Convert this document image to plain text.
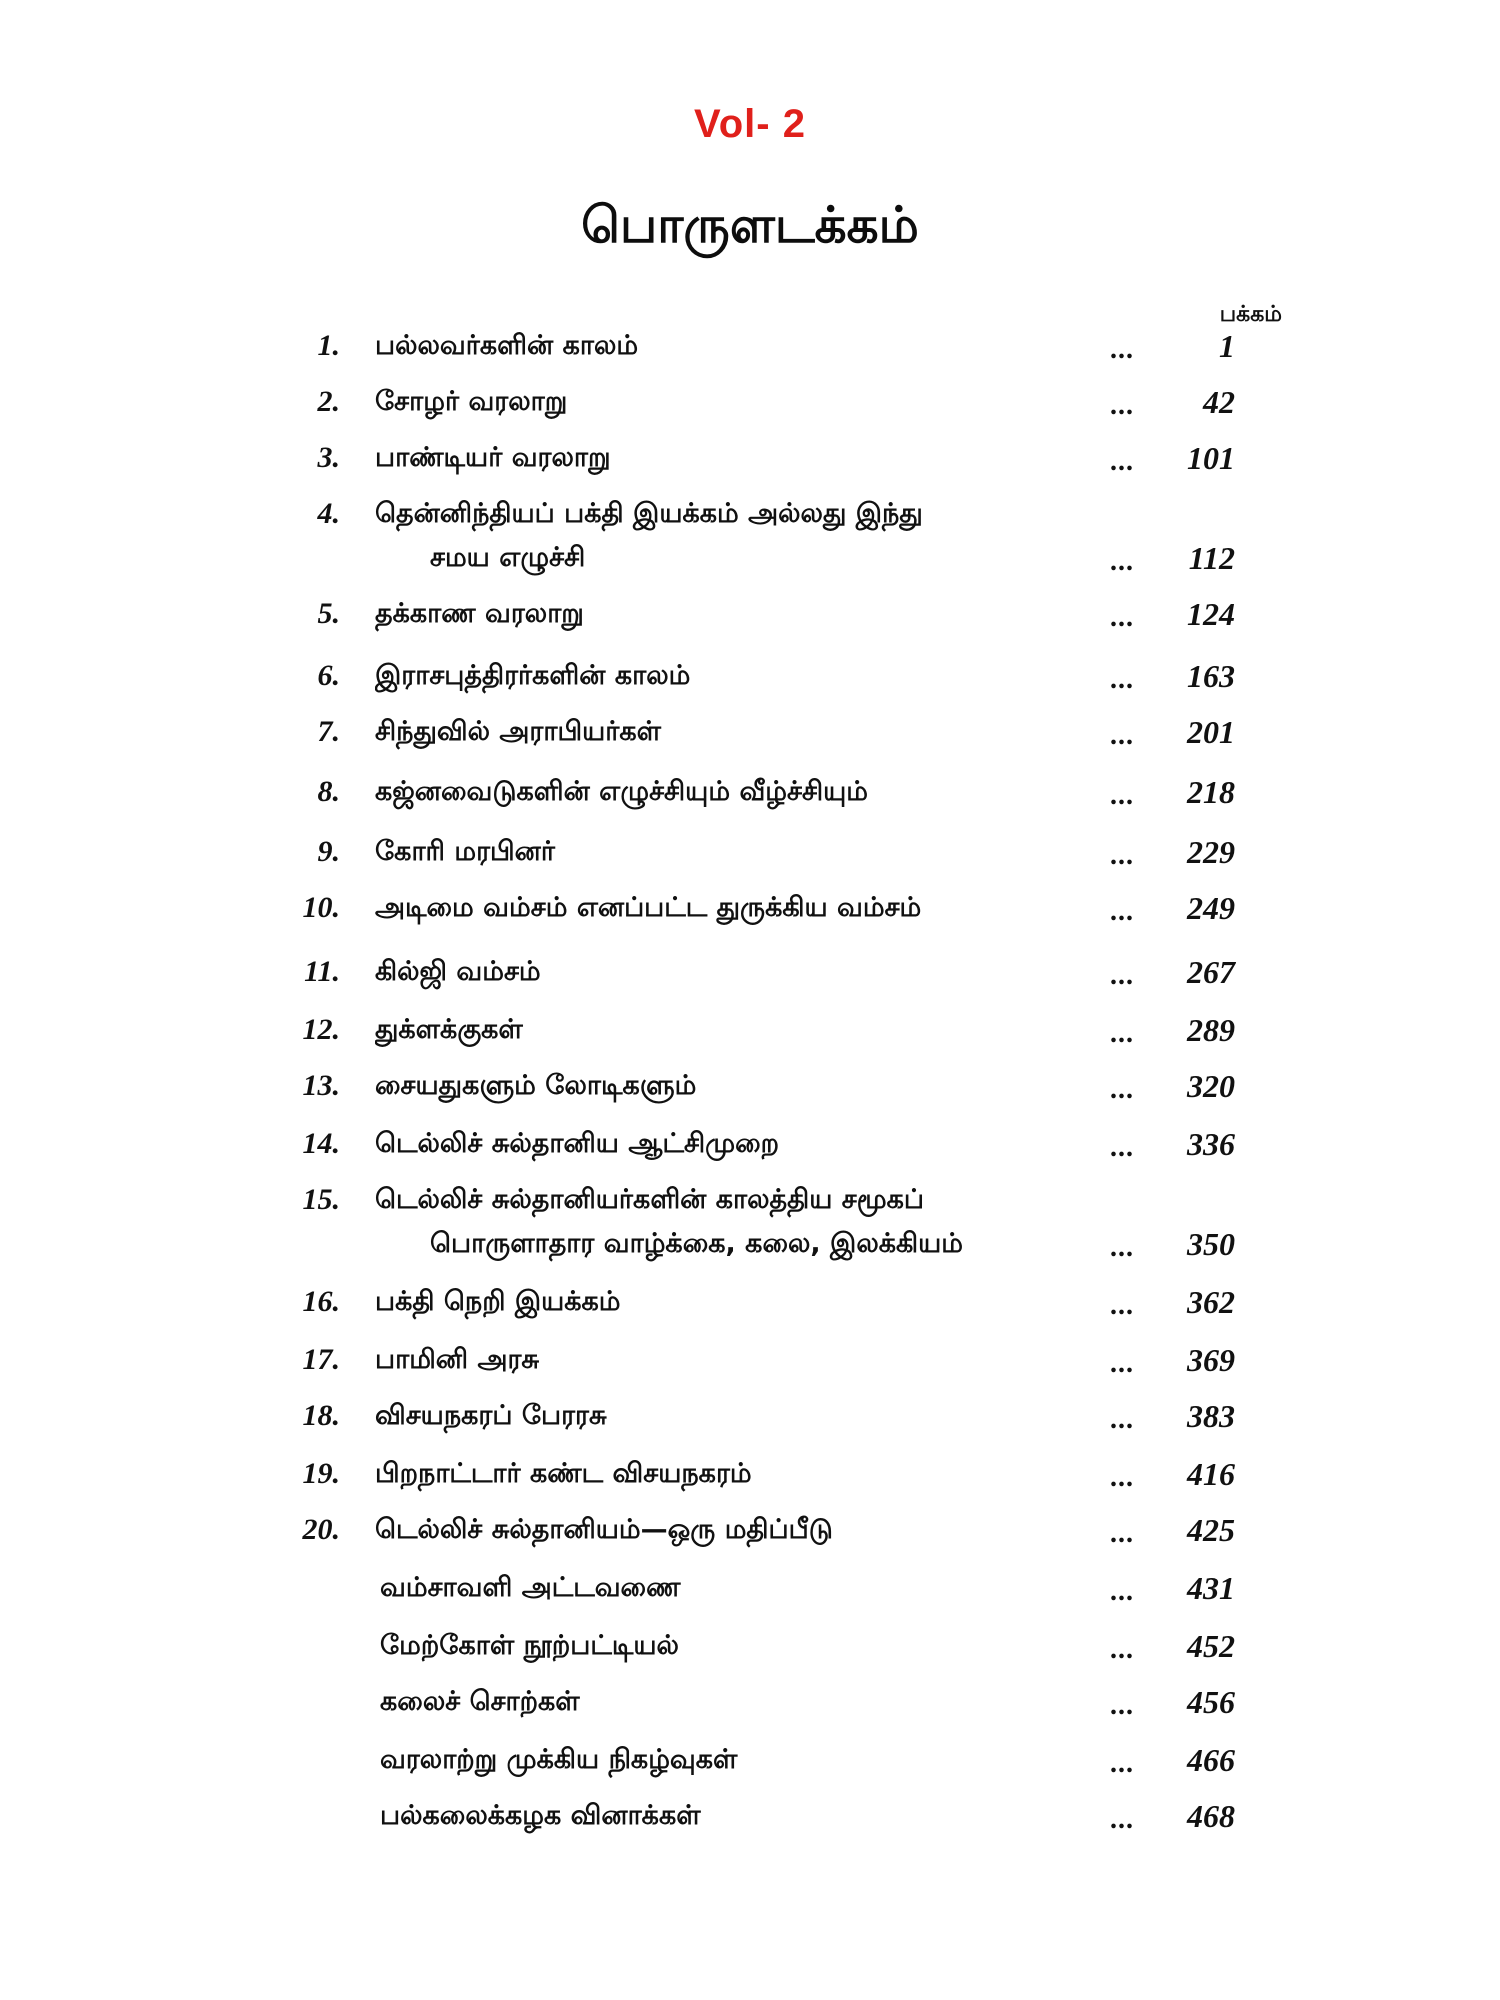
Vol- 2
பொருளடக்கம்
பக்கம்
1. பல்லவர்களின் காலம்	...	1
2. சோழர் வரலாறு	... 42
3. பாண்டியர் வரலாறு	... 101
4. தென்னிந்தியப் பக்தி இயக்கம் அல்லது இந்து
சமய எழுச்சி	... 112
5. தக்காண வரலாறு	... 124
6. இராசபுத்திரர்களின் காலம்	... 163
7. சிந்துவில் அராபியர்கள்	... 201
8. கஜ்னவைடுகளின் எழுச்சியும் வீழ்ச்சியும்	... 218
9. கோரி மரபினர்	... 229
10. அடிமை வம்சம் எனப்பட்ட துருக்கிய வம்சம்	... 249
11. கில்ஜி வம்சம்	... 267
12. துக்ளக்குகள்	... 289
13. சையதுகளும் லோடிகளும்	... 320
14. டெல்லிச் சுல்தானிய ஆட்சிமுறை	... 336
15. டெல்லிச் சுல்தானியர்களின் காலத்திய சமூகப்
பொருளாதார வாழ்க்கை, கலை, இலக்கியம்	... 350
16. பக்தி நெறி இயக்கம்	... 362
17. பாமினி அரசு	... 369
18. விசயநகரப் பேரரசு	... 383
19. பிறநாட்டார் கண்ட விசயநகரம்	... 416
20. டெல்லிச் சுல்தானியம்—ஒரு மதிப்பீடு	... 425
வம்சாவளி அட்டவணை	... 431
மேற்கோள் நூற்பட்டியல்	... 452
கலைச் சொற்கள்	... 456
வரலாற்று முக்கிய நிகழ்வுகள்	... 466
பல்கலைக்கழக வினாக்கள்	... 468
